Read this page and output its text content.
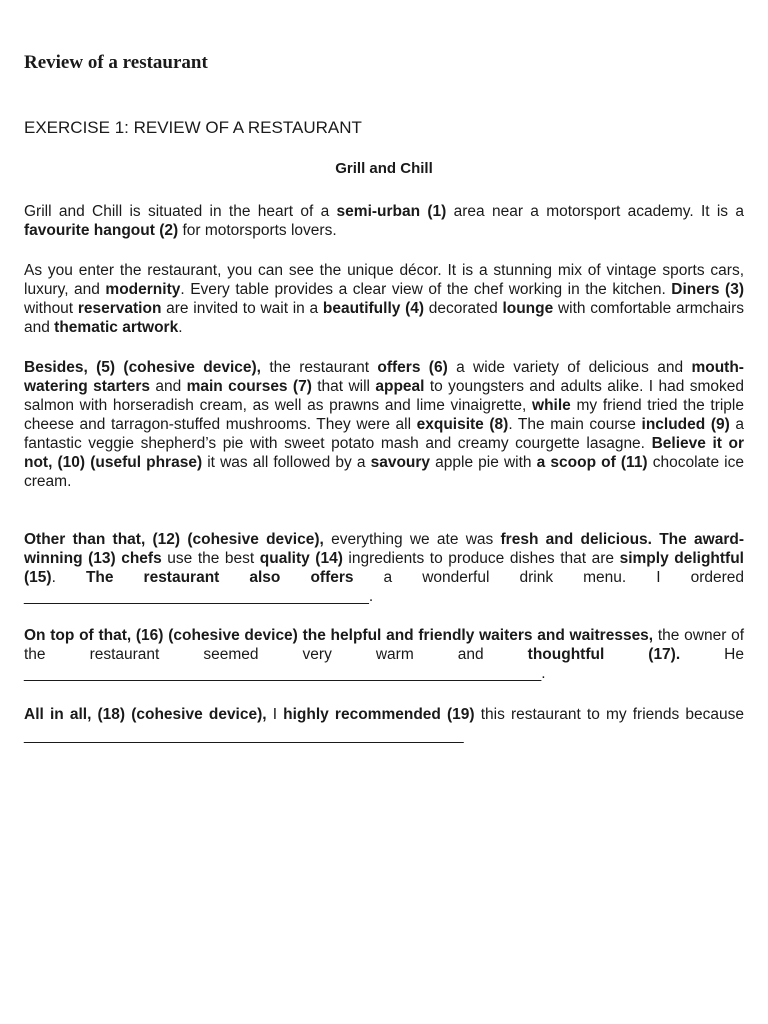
Review of a restaurant
EXERCISE 1: REVIEW OF A RESTAURANT
Grill and Chill

Grill and Chill is situated in the heart of a semi-urban (1) area near a motorsport academy. It is a favourite hangout (2) for motorsports lovers.

As you enter the restaurant, you can see the unique décor. It is a stunning mix of vintage sports cars, luxury, and modernity. Every table provides a clear view of the chef working in the kitchen. Diners (3) without reservation are invited to wait in a beautifully (4) decorated lounge with comfortable armchairs and thematic artwork.

Besides, (5) (cohesive device), the restaurant offers (6) a wide variety of delicious and mouth-watering starters and main courses (7) that will appeal to youngsters and adults alike. I had smoked salmon with horseradish cream, as well as prawns and lime vinaigrette, while my friend tried the triple cheese and tarragon-stuffed mushrooms. They were all exquisite (8). The main course included (9) a fantastic veggie shepherd’s pie with sweet potato mash and creamy courgette lasagne. Believe it or not, (10) (useful phrase) it was all followed by a savoury apple pie with a scoop of (11) chocolate ice cream.

Other than that, (12) (cohesive device), everything we ate was fresh and delicious. The award-winning (13) chefs use the best quality (14) ingredients to produce dishes that are simply delightful (15). The restaurant also offers a wonderful drink menu. I ordered ________________________________________.

On top of that, (16) (cohesive device) the helpful and friendly waiters and waitresses, the owner of the restaurant seemed very warm and thoughtful (17). He ____________________________________________________________.

All in all, (18) (cohesive device), I highly recommended (19) this restaurant to my friends because ___________________________________________________
